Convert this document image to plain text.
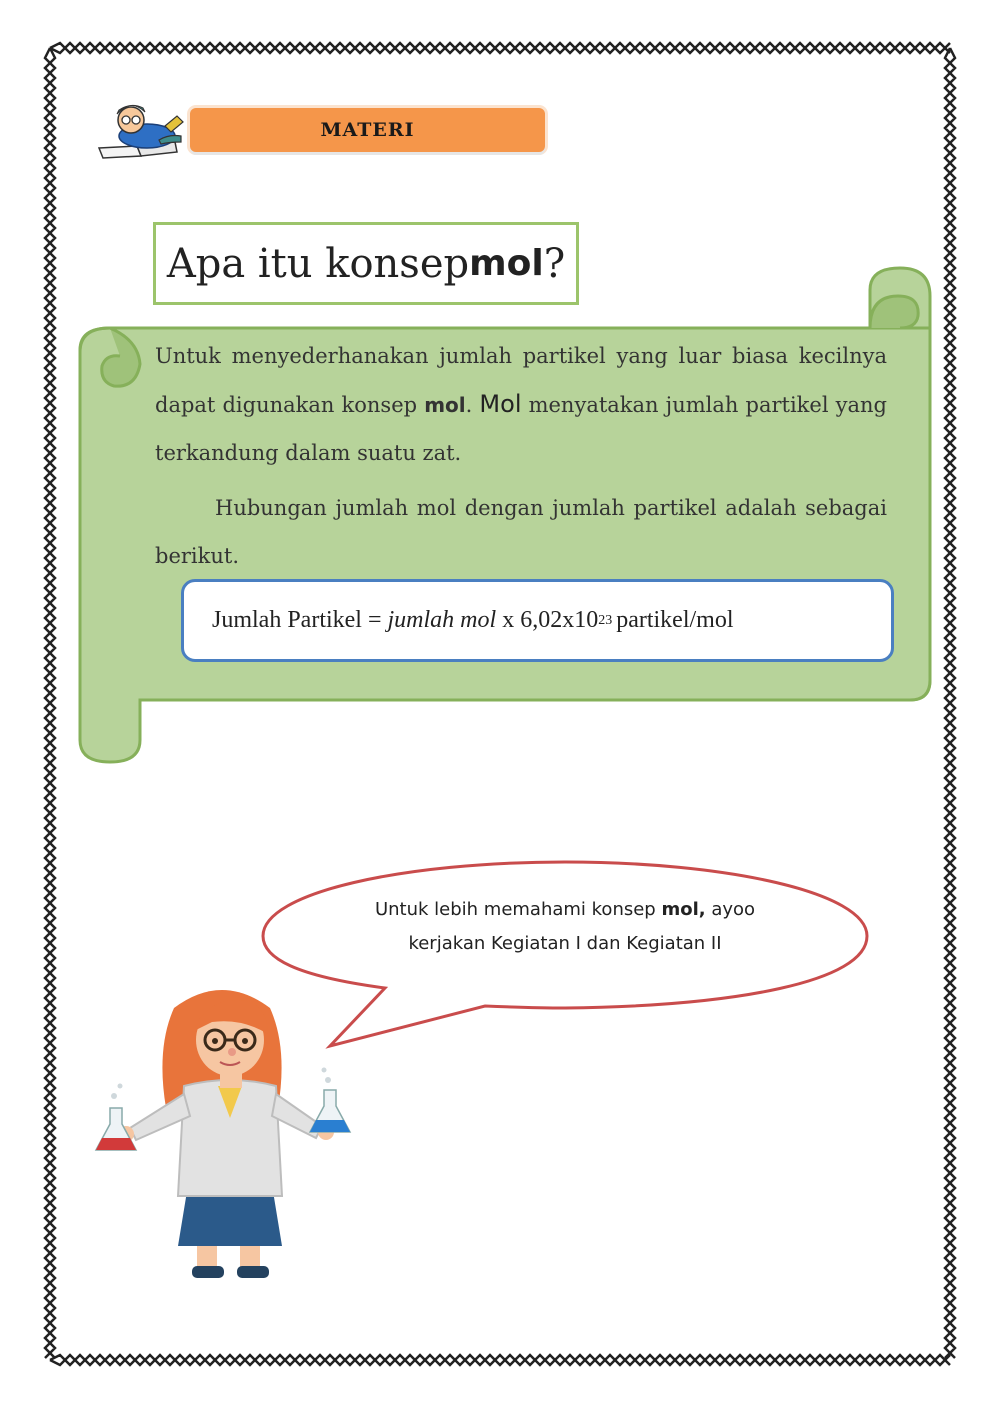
MATERI
Apa itu konsep mol ?
Untuk menyederhanakan jumlah partikel yang luar biasa kecilnya dapat digunakan konsep mol. Mol menyatakan jumlah partikel yang terkandung dalam suatu zat.
Hubungan jumlah mol dengan jumlah partikel adalah sebagai berikut.
Jumlah Partikel = jumlah mol x 6,02x10 23 partikel/mol
Untuk lebih memahami konsep mol, ayoo
kerjakan Kegiatan I dan Kegiatan II
